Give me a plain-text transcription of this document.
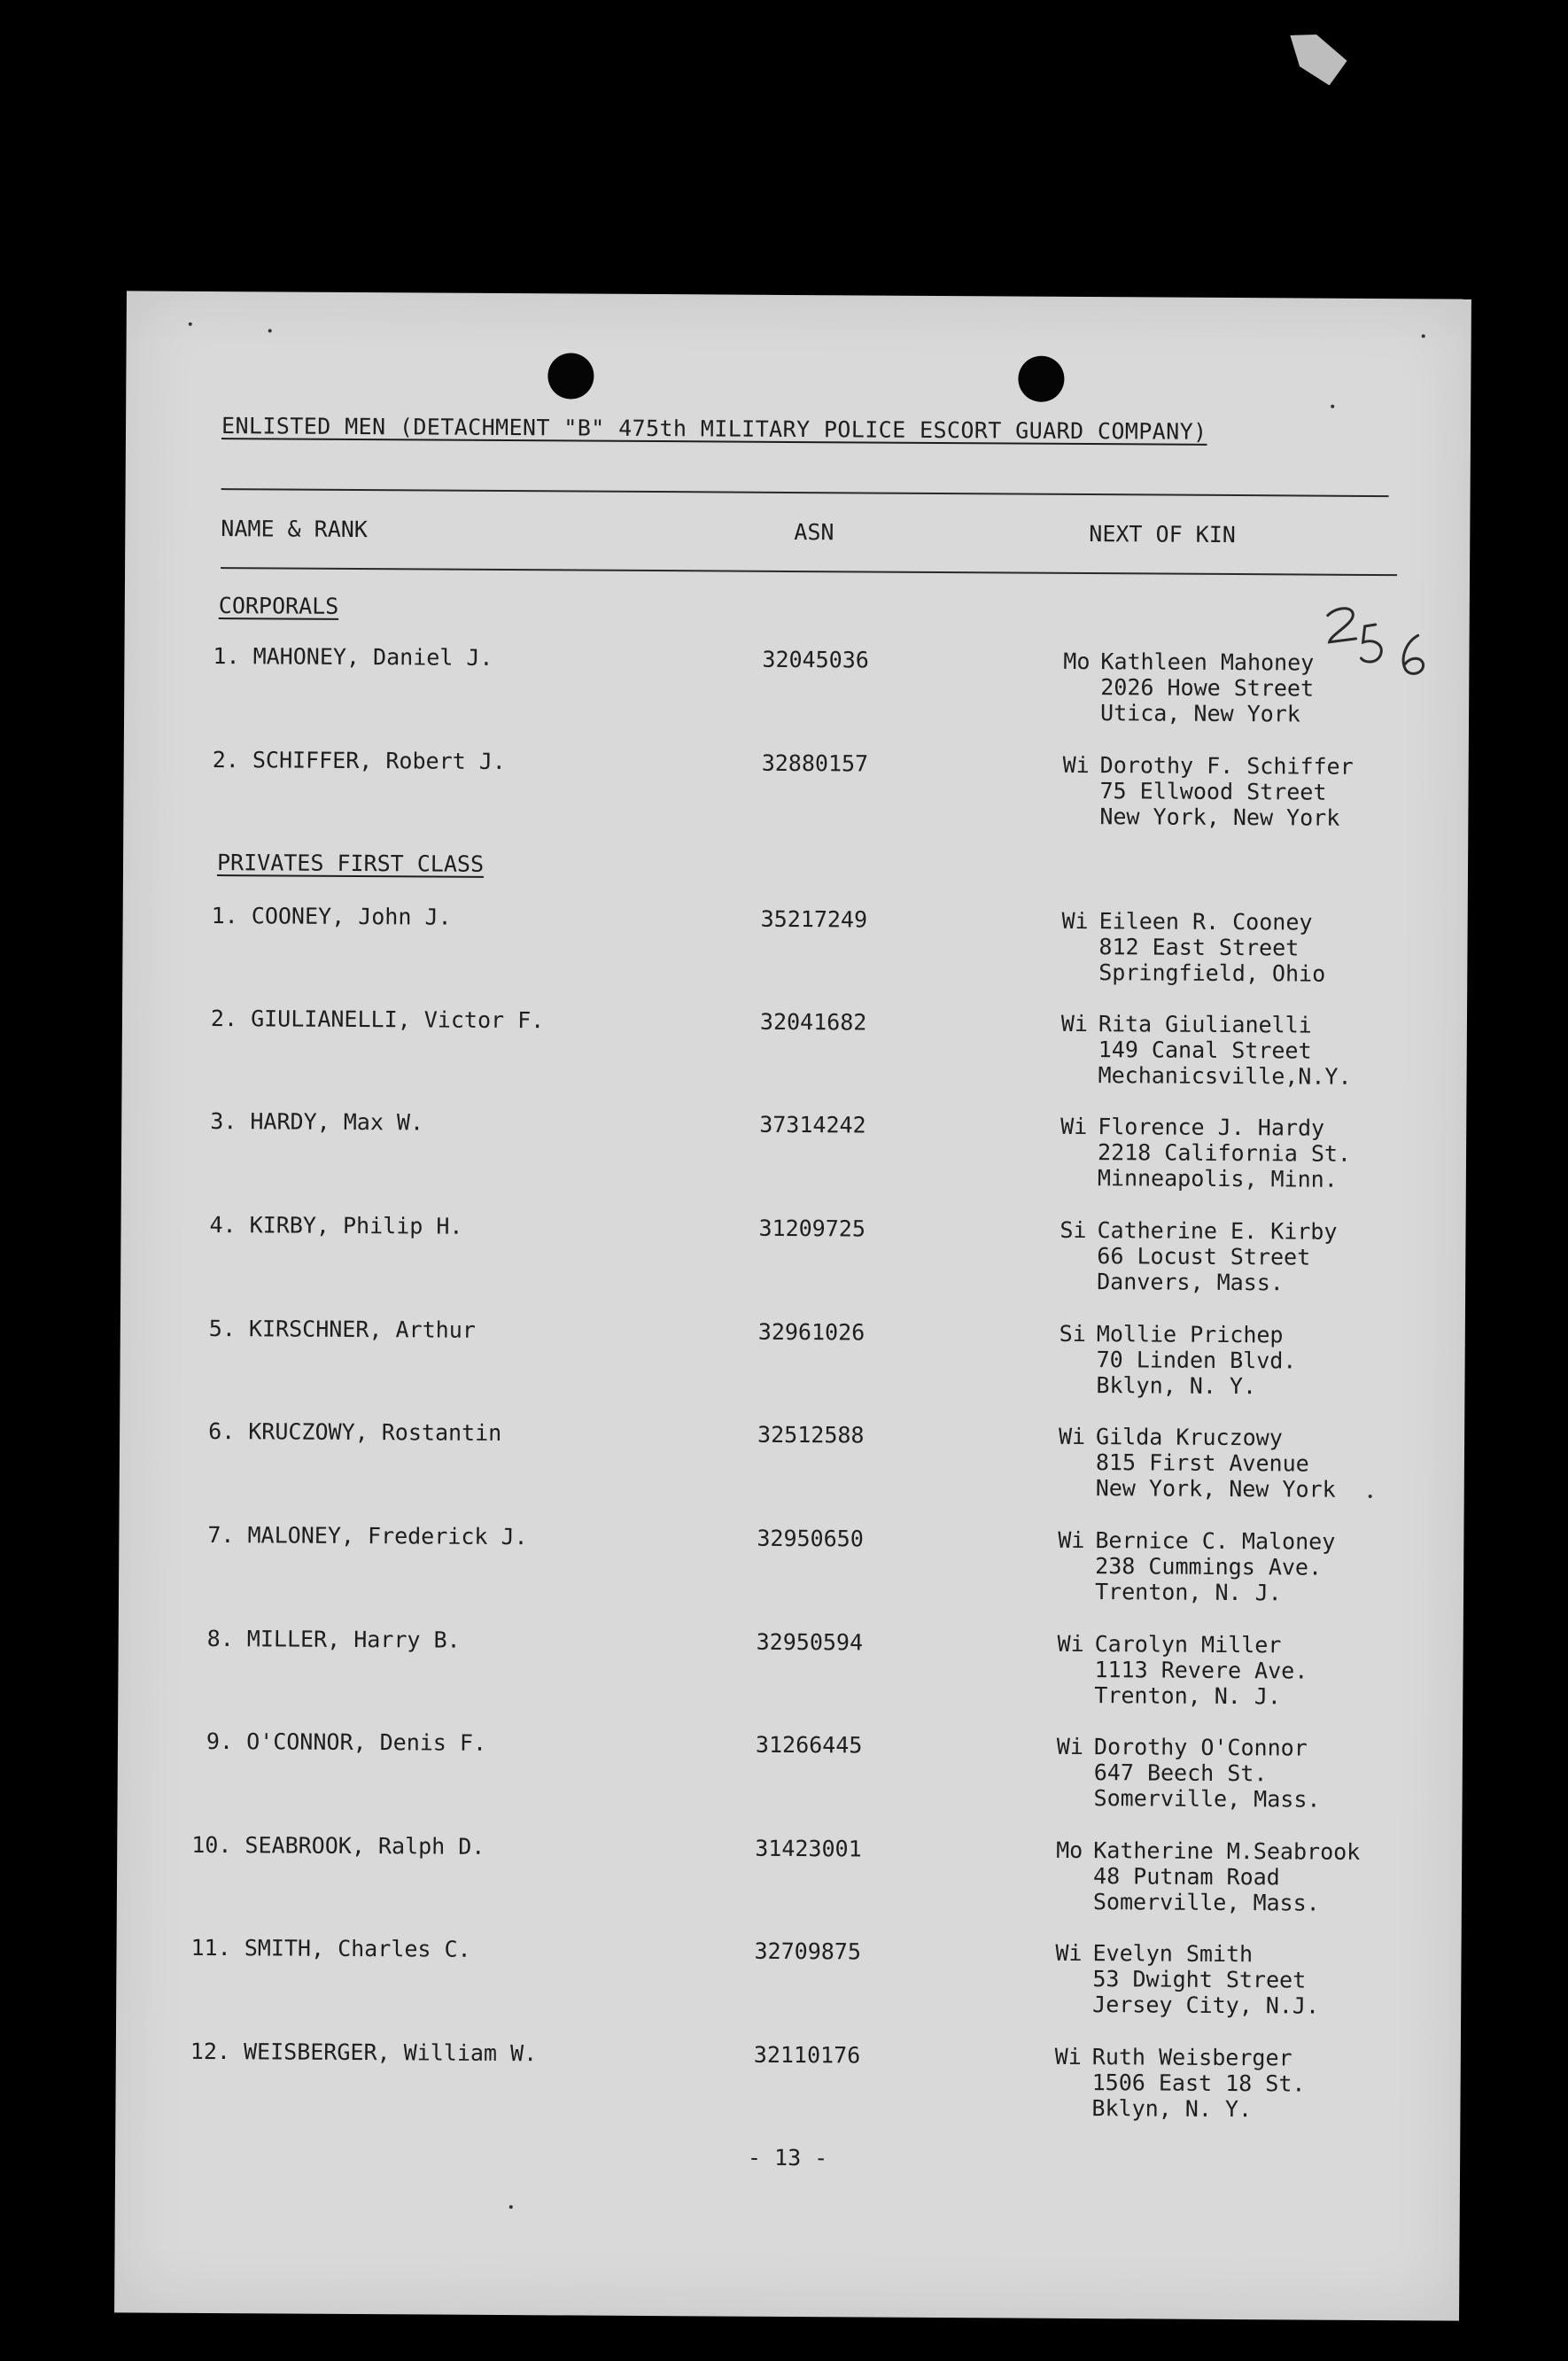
ENLISTED MEN (DETACHMENT "B" 475th MILITARY POLICE ESCORT GUARD COMPANY)
NAME & RANK	ASN	NEXT OF KIN
CORPORALS
1. MAHONEY, Daniel J.	32045036	Mo Kathleen Mahoney
2026 Howe Street
Utica, New York
2. SCHIFFER, Robert J.	32880157	Wi Dorothy F. Schiffer
75 Ellwood Street
New York, New York
PRIVATES FIRST CLASS
1. COONEY, John J.	35217249	Wi Eileen R. Cooney
812 East Street
Springfield, Ohio
2. GIULIANELLI, Victor F.	32041682	Wi Rita Giulianelli
149 Canal Street
Mechanicsville,N.Y.
3. HARDY, Max W.	37314242	Wi Florence J. Hardy
2218 California St.
Minneapolis, Minn.
4. KIRBY, Philip H.	31209725	Si Catherine E. Kirby
66 Locust Street
Danvers, Mass.
5. KIRSCHNER, Arthur	32961026	Si Mollie Prichep
70 Linden Blvd.
Bklyn, N. Y.
6. KRUCZOWY, Rostantin	32512588	Wi Gilda Kruczowy
815 First Avenue
New York, New York
7. MALONEY, Frederick J.	32950650	Wi Bernice C. Maloney
238 Cummings Ave.
Trenton, N. J.
8. MILLER, Harry B.	32950594	Wi Carolyn Miller
1113 Revere Ave.
Trenton, N. J.
9. O'CONNOR, Denis F.	31266445	Wi Dorothy O'Connor
647 Beech St.
Somerville, Mass.
10. SEABROOK, Ralph D.	31423001	Mo Katherine M.Seabrook
48 Putnam Road
Somerville, Mass.
11. SMITH, Charles C.	32709875	Wi Evelyn Smith
53 Dwight Street
Jersey City, N.J.
12. WEISBERGER, William W.	32110176	Wi Ruth Weisberger
1506 East 18 St.
Bklyn, N. Y.
- 13 -
